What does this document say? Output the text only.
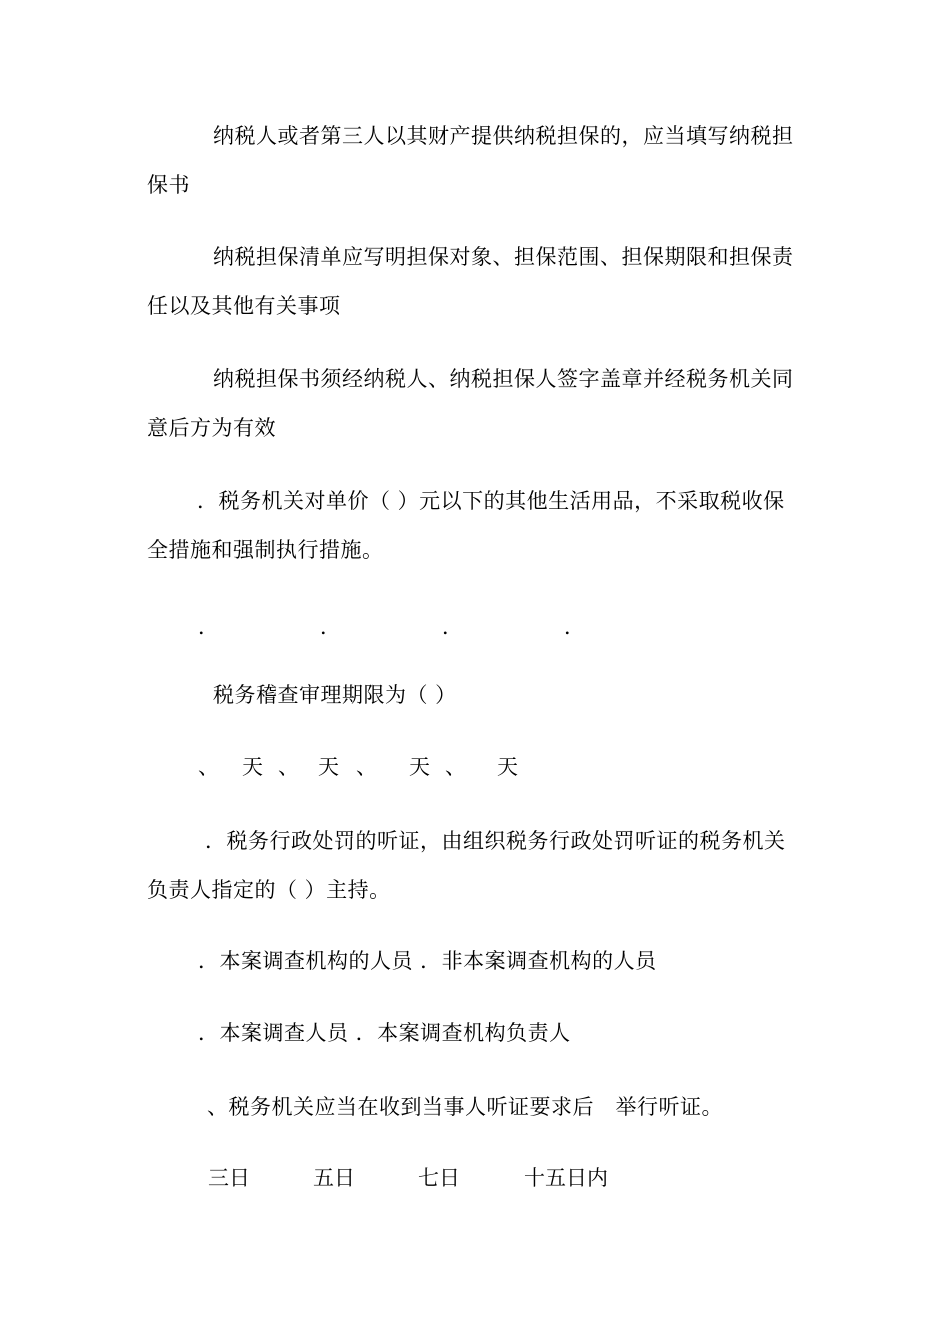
纳税人或者第三人以其财产提供纳税担保的，应当填写纳税担
保书
纳税担保清单应写明担保对象、担保范围、担保期限和担保责
任以及其他有关事项
纳税担保书须经纳税人、纳税担保人签字盖章并经税务机关同
意后方为有效
．税务机关对单价（ ）元以下的其他生活用品，不采取税收保
全措施和强制执行措施。
．	．	．	．
税务稽查审理期限为（ ）
、 天 、 天 、 天 、 天
．税务行政处罚的听证，由组织税务行政处罚听证的税务机关
负责人指定的（ ）主持。
．本案调查机构的人员 ．非本案调查机构的人员
．本案调查人员 ．本案调查机构负责人
、税务机关应当在收到当事人听证要求后　举行听证。
三日	五日	七日	十五日内
